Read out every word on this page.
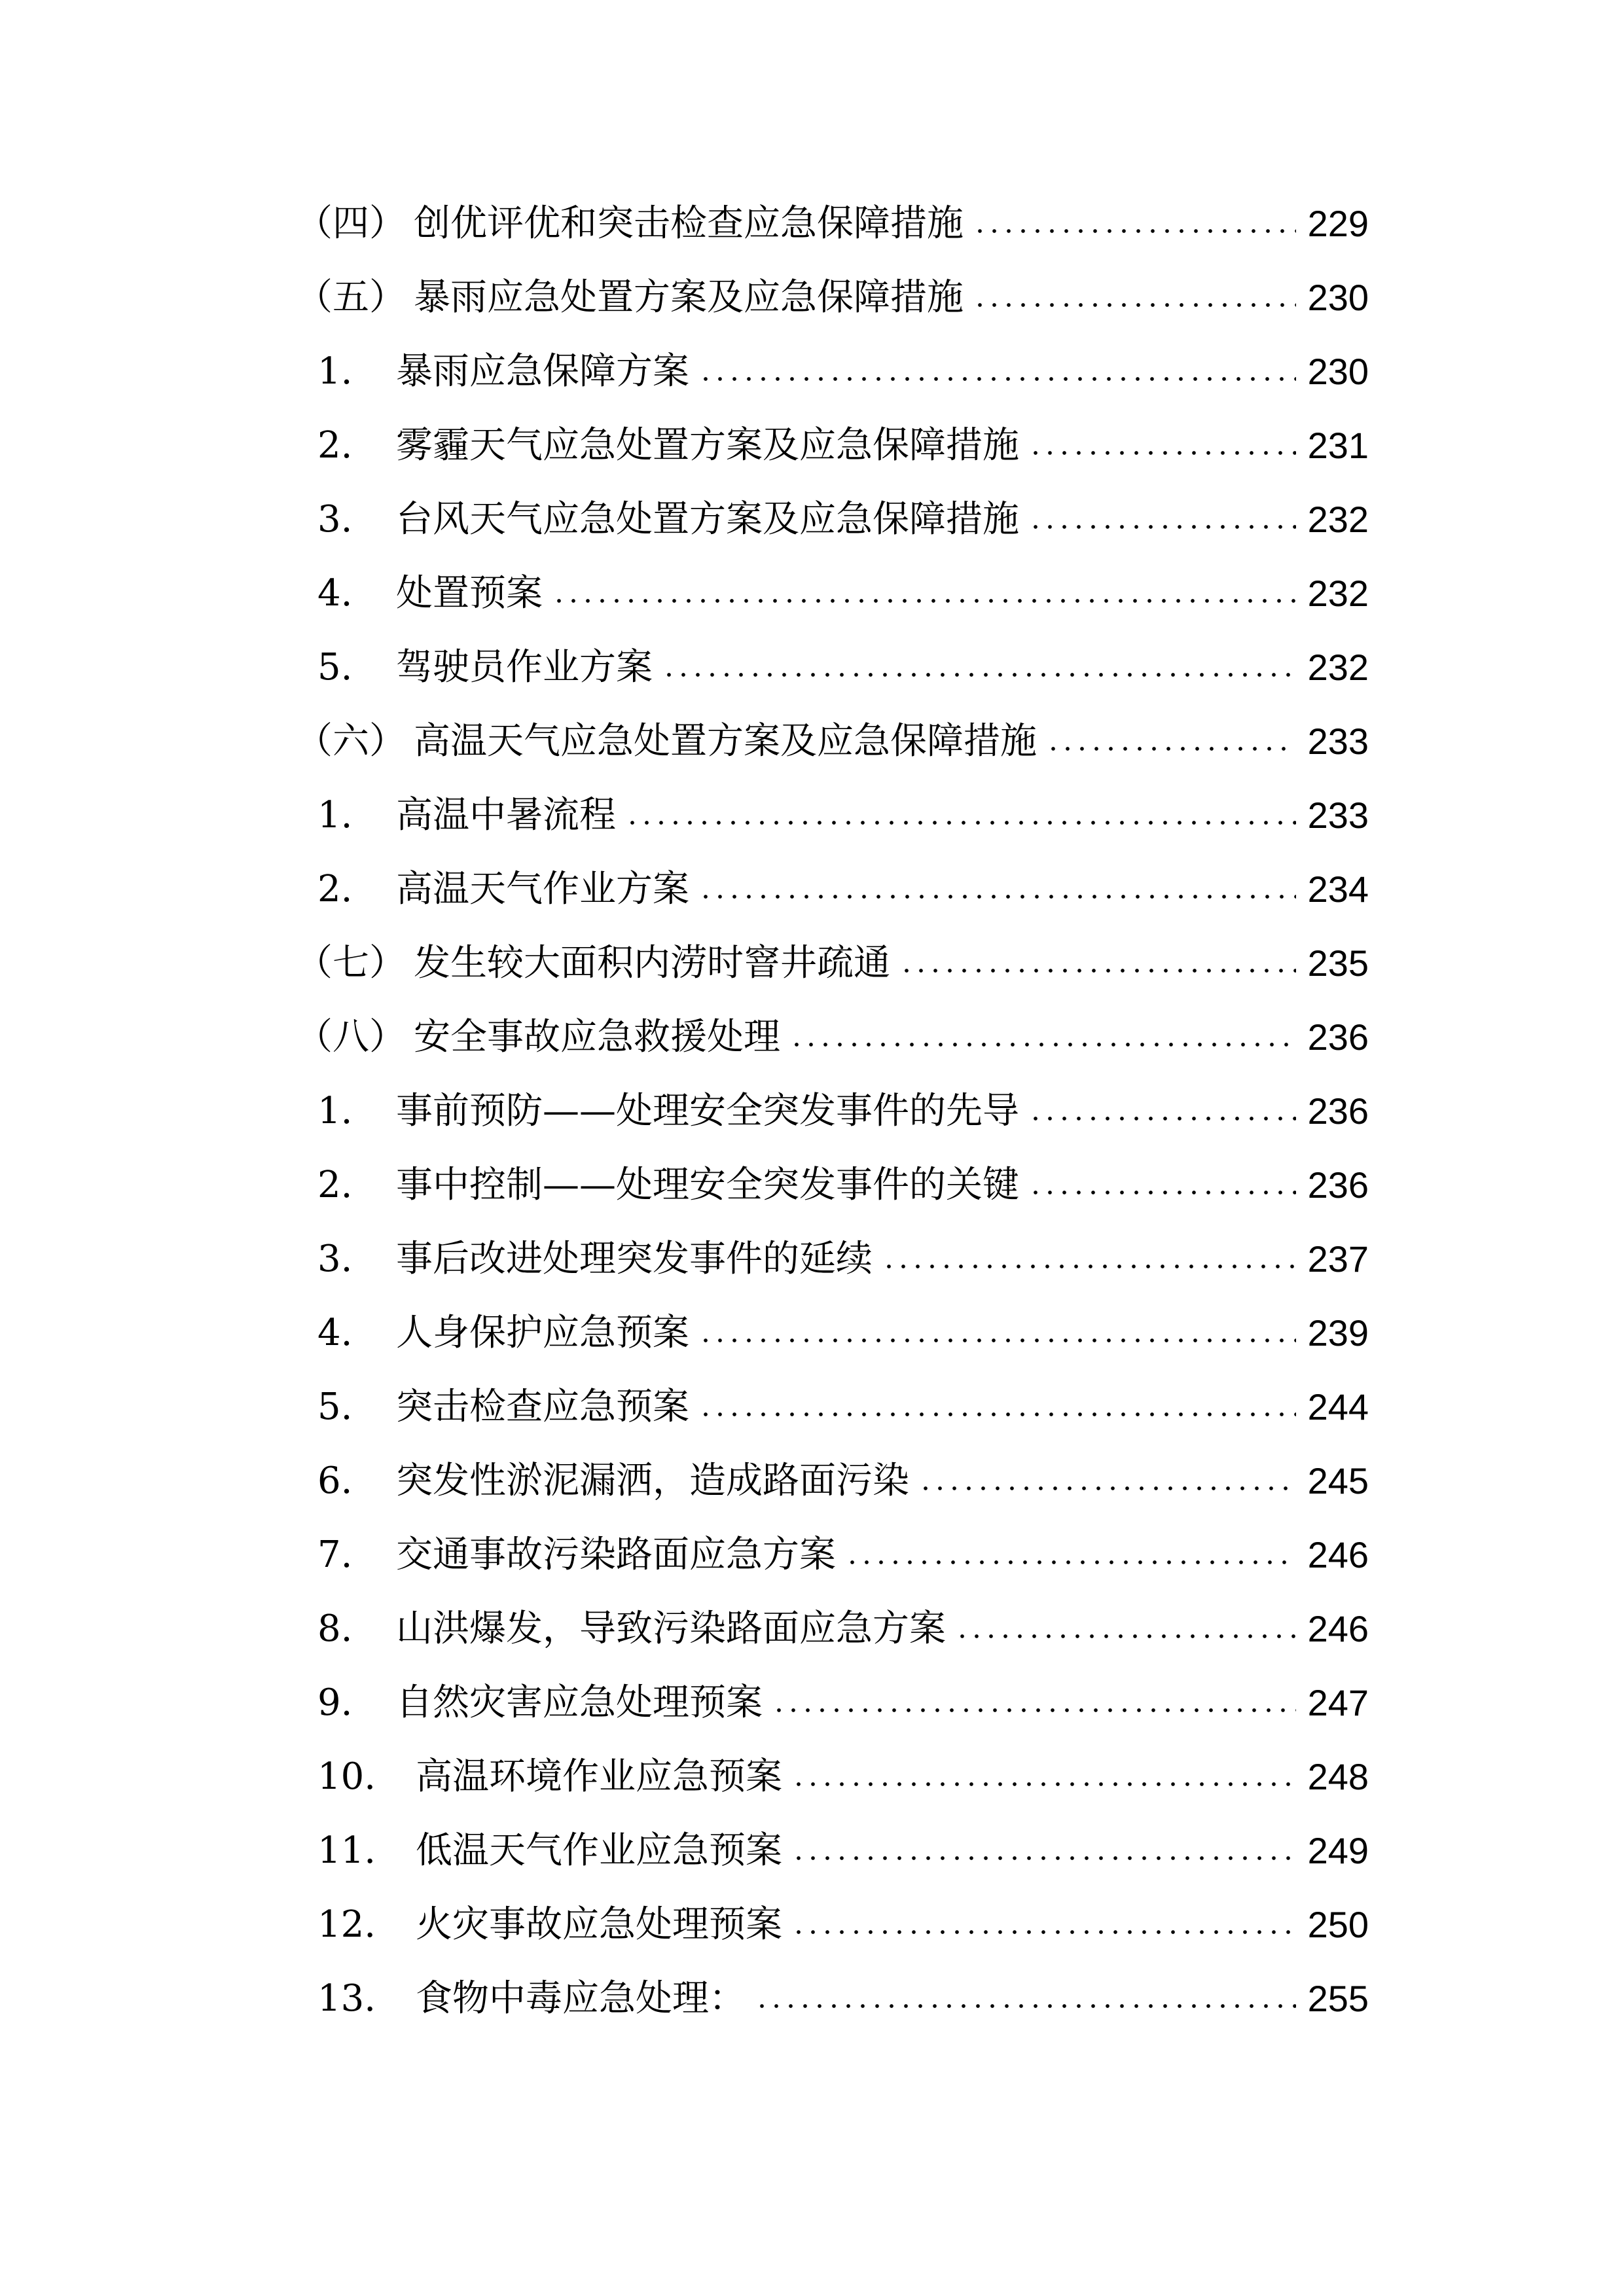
（四） 创优评优和突击检查应急保障措施	229
（五） 暴雨应急处置方案及应急保障措施	230
1.	暴雨应急保障方案	230
2.	雾霾天气应急处置方案及应急保障措施	231
3.	台风天气应急处置方案及应急保障措施	232
4.	处置预案	232
5.	驾驶员作业方案	232
（六） 高温天气应急处置方案及应急保障措施	233
1.	高温中暑流程	233
2.	高温天气作业方案	234
（七） 发生较大面积内涝时窨井疏通	235
（八） 安全事故应急救援处理	236
1.	事前预防——处理安全突发事件的先导	236
2.	事中控制——处理安全突发事件的关键	236
3.	事后改进处理突发事件的延续	237
4.	人身保护应急预案	239
5.	突击检查应急预案	244
6.	突发性淤泥漏洒，造成路面污染	245
7.	交通事故污染路面应急方案	246
8.	山洪爆发，导致污染路面应急方案	246
9.	自然灾害应急处理预案	247
10.	高温环境作业应急预案	248
11.	低温天气作业应急预案	249
12.	火灾事故应急处理预案	250
13.	食物中毒应急处理：	255
